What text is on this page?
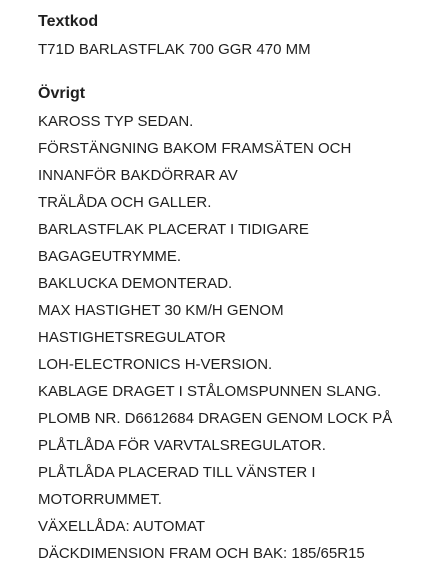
Textkod
T71D BARLASTFLAK 700 GGR 470 MM
Övrigt
KAROSS TYP SEDAN.
FÖRSTÄNGNING BAKOM FRAMSÄTEN OCH
INNANFÖR BAKDÖRRAR AV
TRÄLÅDA OCH GALLER.
BARLASTFLAK PLACERAT I TIDIGARE
BAGAGEUTRYMME.
BAKLUCKA DEMONTERAD.
MAX HASTIGHET 30 KM/H GENOM
HASTIGHETSREGULATOR
LOH-ELECTRONICS H-VERSION.
KABLAGE DRAGET I STÅLOMSPUNNEN SLANG.
PLOMB NR. D6612684 DRAGEN GENOM LOCK PÅ
PLÅTLÅDA FÖR VARVTALSREGULATOR.
PLÅTLÅDA PLACERAD TILL VÄNSTER I
MOTORRUMMET.
VÄXELLÅDA: AUTOMAT
DÄCKDIMENSION FRAM OCH BAK: 185/65R15
